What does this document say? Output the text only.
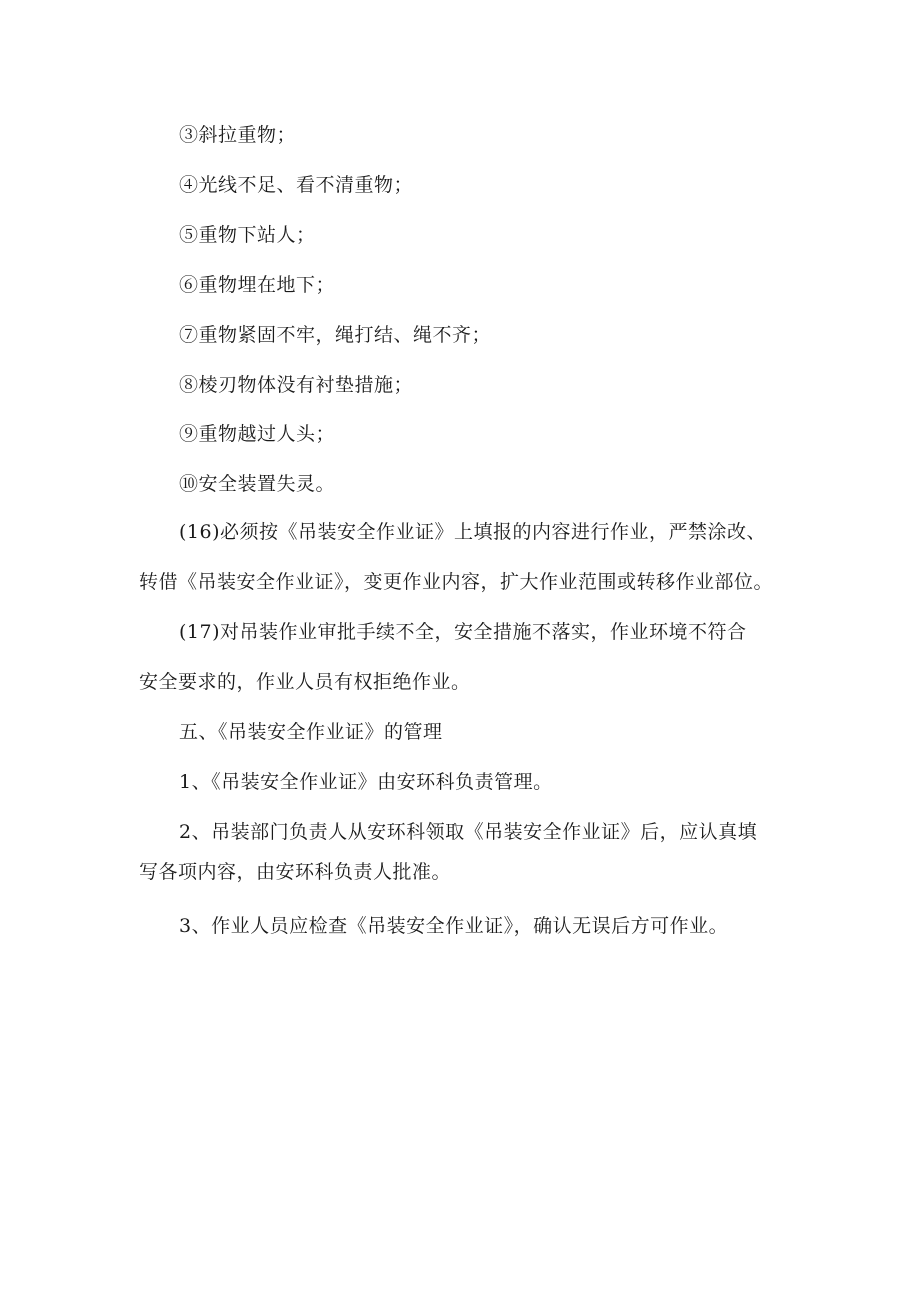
③斜拉重物；
④光线不足、看不清重物；
⑤重物下站人；
⑥重物埋在地下；
⑦重物紧固不牢，绳打结、绳不齐；
⑧棱刃物体没有衬垫措施；
⑨重物越过人头；
⑩安全装置失灵。
(16)必须按《吊装安全作业证》上填报的内容进行作业，严禁涂改、
转借《吊装安全作业证》，变更作业内容，扩大作业范围或转移作业部位。
(17)对吊装作业审批手续不全，安全措施不落实，作业环境不符合
安全要求的，作业人员有权拒绝作业。
五、《吊装安全作业证》的管理
1、《吊装安全作业证》由安环科负责管理。
2、吊装部门负责人从安环科领取《吊装安全作业证》后，应认真填
写各项内容，由安环科负责人批准。
3、作业人员应检查《吊装安全作业证》，确认无误后方可作业。
